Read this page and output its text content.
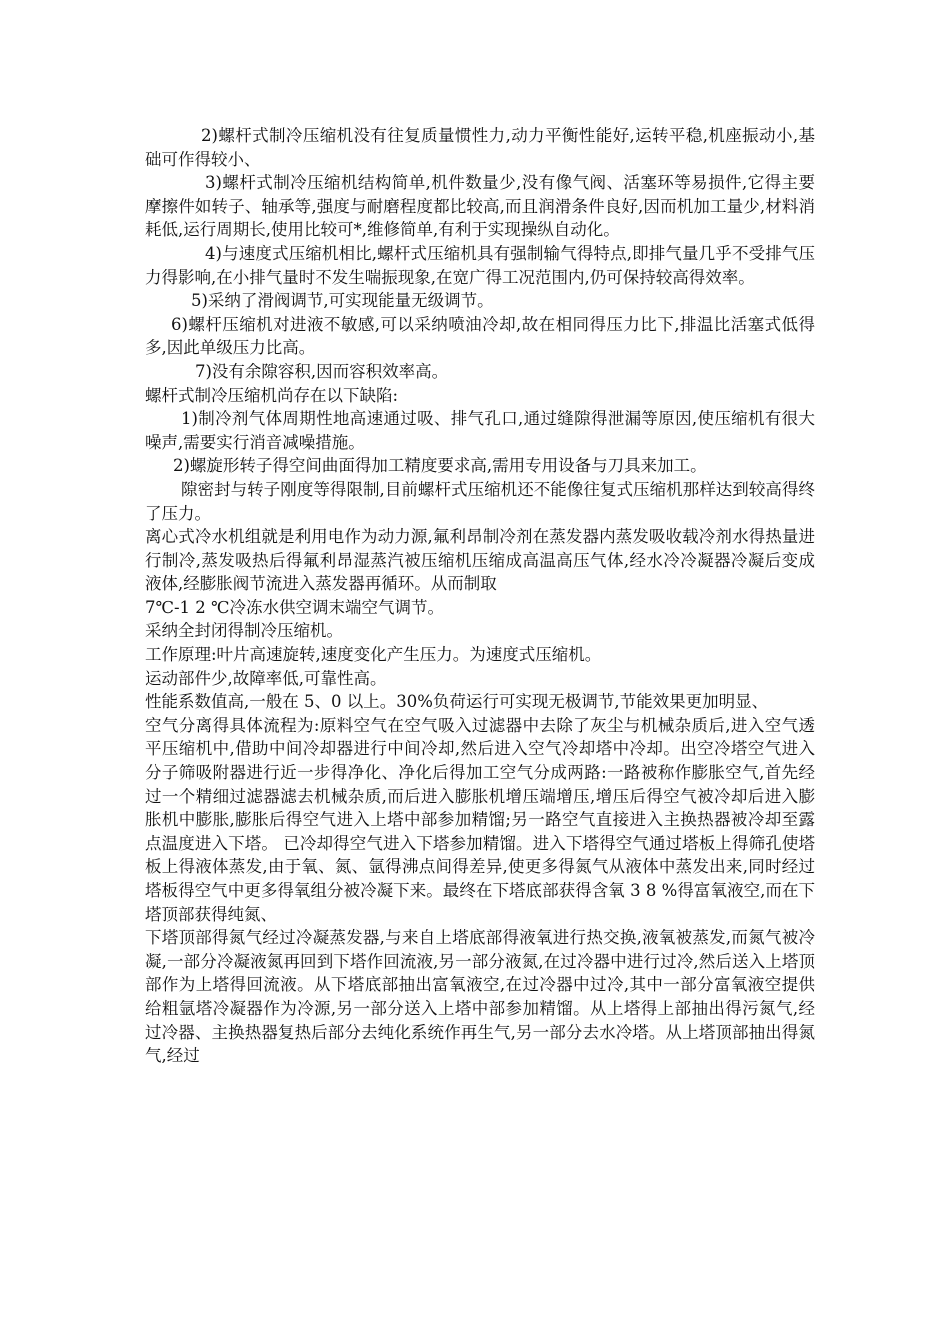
2)螺杆式制冷压缩机没有往复质量惯性力,动力平衡性能好,运转平稳,机座振动小,基础可作得较小、

3)螺杆式制冷压缩机结构简单,机件数量少,没有像气阀、活塞环等易损件,它得主要摩擦件如转子、轴承等,强度与耐磨程度都比较高,而且润滑条件良好,因而机加工量少,材料消耗低,运行周期长,使用比较可*,维修简单,有利于实现操纵自动化。

4)与速度式压缩机相比,螺杆式压缩机具有强制输气得特点,即排气量几乎不受排气压力得影响,在小排气量时不发生喘振现象,在宽广得工况范围内,仍可保持较高得效率。

5)采纳了滑阀调节,可实现能量无级调节。

6)螺杆压缩机对进液不敏感,可以采纳喷油冷却,故在相同得压力比下,排温比活塞式低得多,因此单级压力比高。

7)没有余隙容积,因而容积效率高。

螺杆式制冷压缩机尚存在以下缺陷:

1)制冷剂气体周期性地高速通过吸、排气孔口,通过缝隙得泄漏等原因,使压缩机有很大噪声,需要实行消音减噪措施。

2)螺旋形转子得空间曲面得加工精度要求高,需用专用设备与刀具来加工。

隙密封与转子刚度等得限制,目前螺杆式压缩机还不能像往复式压缩机那样达到较高得终了压力。

离心式冷水机组就是利用电作为动力源,氟利昂制冷剂在蒸发器内蒸发吸收载冷剂水得热量进行制冷,蒸发吸热后得氟利昂湿蒸汽被压缩机压缩成高温高压气体,经水冷冷凝器冷凝后变成液体,经膨胀阀节流进入蒸发器再循环。从而制取

7℃-1 2 ℃冷冻水供空调末端空气调节。

采纳全封闭得制冷压缩机。

工作原理:叶片高速旋转,速度变化产生压力。为速度式压缩机。

运动部件少,故障率低,可靠性高。

性能系数值高,一般在 5、0 以上。30%负荷运行可实现无极调节,节能效果更加明显、

空气分离得具体流程为:原料空气在空气吸入过滤器中去除了灰尘与机械杂质后,进入空气透平压缩机中,借助中间冷却器进行中间冷却,然后进入空气冷却塔中冷却。出空冷塔空气进入分子筛吸附器进行近一步得净化、净化后得加工空气分成两路:一路被称作膨胀空气,首先经过一个精细过滤器滤去机械杂质,而后进入膨胀机增压端增压,增压后得空气被冷却后进入膨胀机中膨胀,膨胀后得空气进入上塔中部参加精馏;另一路空气直接进入主换热器被冷却至露点温度进入下塔。 已冷却得空气进入下塔参加精馏。进入下塔得空气通过塔板上得筛孔使塔板上得液体蒸发,由于氧、氮、氩得沸点间得差异,使更多得氮气从液体中蒸发出来,同时经过塔板得空气中更多得氧组分被冷凝下来。最终在下塔底部获得含氧 3 8 %得富氧液空,而在下塔顶部获得纯氮、

下塔顶部得氮气经过冷凝蒸发器,与来自上塔底部得液氧进行热交换,液氧被蒸发,而氮气被冷凝,一部分冷凝液氮再回到下塔作回流液,另一部分液氮,在过冷器中进行过冷,然后送入上塔顶部作为上塔得回流液。从下塔底部抽出富氧液空,在过冷器中过冷,其中一部分富氧液空提供给粗氩塔冷凝器作为冷源,另一部分送入上塔中部参加精馏。从上塔得上部抽出得污氮气,经过冷器、主换热器复热后部分去纯化系统作再生气,另一部分去水冷塔。从上塔顶部抽出得氮气,经过
